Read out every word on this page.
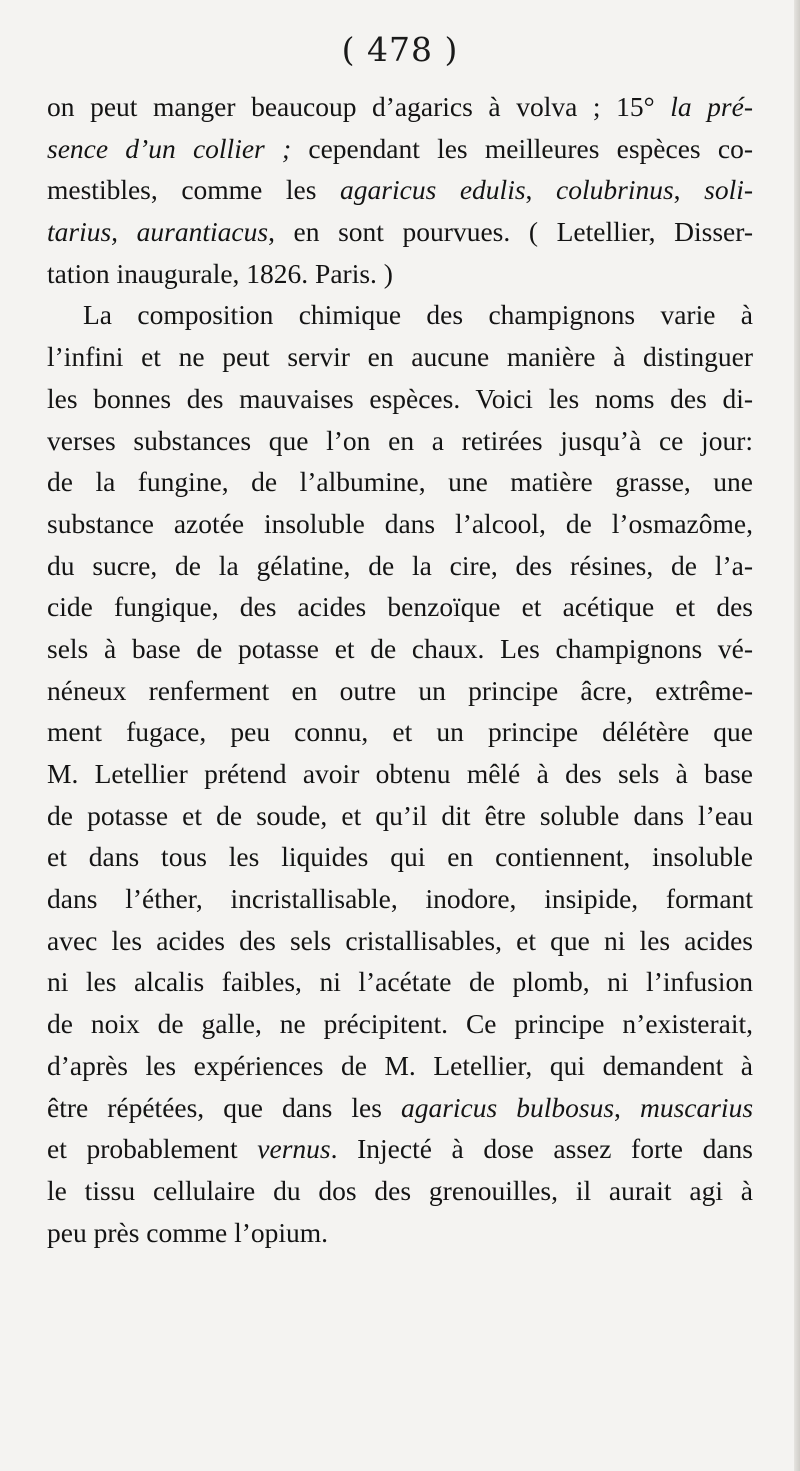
( 478 )
on peut manger beaucoup d’agarics à volva ; 15° la pré-
sence d’un collier ; cependant les meilleures espèces co-
mestibles, comme les agaricus edulis, colubrinus, soli-
tarius, aurantiacus, en sont pourvues. ( Letellier, Disser-
tation inaugurale, 1826. Paris. )
La composition chimique des champignons varie à
l’infini et ne peut servir en aucune manière à distinguer
les bonnes des mauvaises espèces. Voici les noms des di-
verses substances que l’on en a retirées jusqu’à ce jour:
de la fungine, de l’albumine, une matière grasse, une
substance azotée insoluble dans l’alcool, de l’osmazôme,
du sucre, de la gélatine, de la cire, des résines, de l’a-
cide fungique, des acides benzoïque et acétique et des
sels à base de potasse et de chaux. Les champignons vé-
néneux renferment en outre un principe âcre, extrême-
ment fugace, peu connu, et un principe délétère que
M. Letellier prétend avoir obtenu mêlé à des sels à base
de potasse et de soude, et qu’il dit être soluble dans l’eau
et dans tous les liquides qui en contiennent, insoluble
dans l’éther, incristallisable, inodore, insipide, formant
avec les acides des sels cristallisables, et que ni les acides
ni les alcalis faibles, ni l’acétate de plomb, ni l’infusion
de noix de galle, ne précipitent. Ce principe n’existerait,
d’après les expériences de M. Letellier, qui demandent à
être répétées, que dans les agaricus bulbosus, muscarius
et probablement vernus. Injecté à dose assez forte dans
le tissu cellulaire du dos des grenouilles, il aurait agi à
peu près comme l’opium.
